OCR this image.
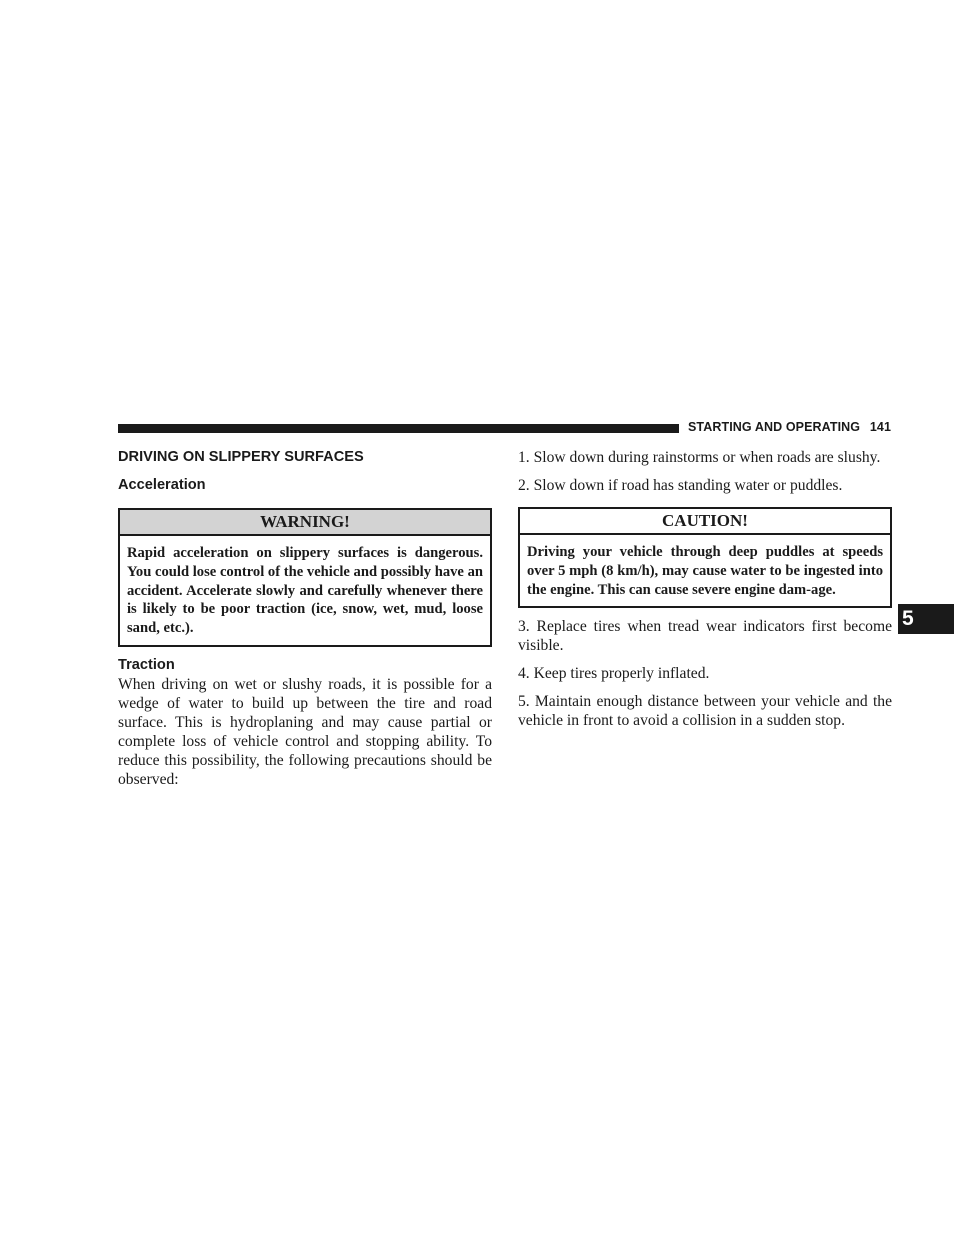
STARTING AND OPERATING 141
DRIVING ON SLIPPERY SURFACES
Acceleration
WARNING!
Rapid acceleration on slippery surfaces is dangerous. You could lose control of the vehicle and possibly have an accident. Accelerate slowly and carefully whenever there is likely to be poor traction (ice, snow, wet, mud, loose sand, etc.).
Traction

When driving on wet or slushy roads, it is possible for a wedge of water to build up between the tire and road surface. This is hydroplaning and may cause partial or complete loss of vehicle control and stopping ability. To reduce this possibility, the following precautions should be observed:

1. Slow down during rainstorms or when roads are slushy.

2. Slow down if road has standing water or puddles.

CAUTION!
Driving your vehicle through deep puddles at speeds over 5 mph (8 km/h), may cause water to be ingested into the engine. This can cause severe engine dam-age.

3. Replace tires when tread wear indicators first become visible.

4. Keep tires properly inflated.

5. Maintain enough distance between your vehicle and the vehicle in front to avoid a collision in a sudden stop.

5
